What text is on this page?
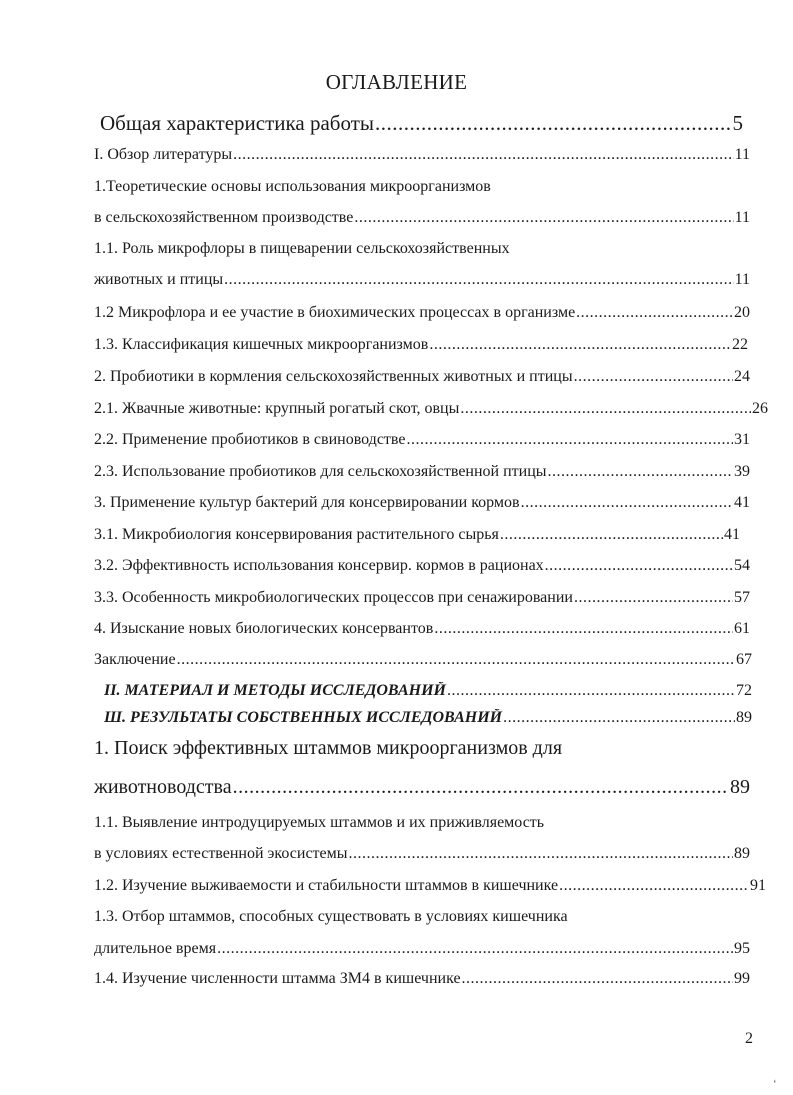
ОГЛАВЛЕНИЕ
Общая характеристика работы .....	5
I. Обзор литературы .....	11
1.Теоретические основы использования микроорганизмов
в сельскохозяйственном производстве .....	11
1.1. Роль микрофлоры в пищеварении сельскохозяйственных
животных и птицы .....	11
1.2 Микрофлора и ее участие в биохимических процессах в организме .....	20
1.3. Классификация кишечных микроорганизмов .....	22
2. Пробиотики в кормления сельскохозяйственных животных и птицы .....	24
2.1. Жвачные животные: крупный рогатый скот, овцы .....	26
2.2. Применение пробиотиков в свиноводстве .....	31
2.3. Использование пробиотиков для сельскохозяйственной птицы .....	39
3. Применение культур бактерий для консервировании кормов .....	41
3.1. Микробиология консервирования растительного сырья .....	41
3.2. Эффективность использования консервир. кормов в рационах .....	54
3.3. Особенность микробиологических процессов при сенажировании .....	57
4. Изыскание новых биологических консервантов .....	61
Заключение .....	67
II. МАТЕРИАЛ И МЕТОДЫ ИССЛЕДОВАНИЙ .....	72
Ш. РЕЗУЛЬТАТЫ СОБСТВЕННЫХ ИССЛЕДОВАНИЙ .....	89
1. Поиск эффективных штаммов микроорганизмов для
животноводства .....	89
1.1. Выявление интродуцируемых штаммов и их приживляемость
в условиях естественной экосистемы .....	89
1.2. Изучение выживаемости и стабильности штаммов в кишечнике .....	91
1.3. Отбор штаммов, способных существовать в условиях кишечника
длительное время .....	95
1.4. Изучение численности штамма ЗМ4 в кишечнике .....	99
2
ʻ
